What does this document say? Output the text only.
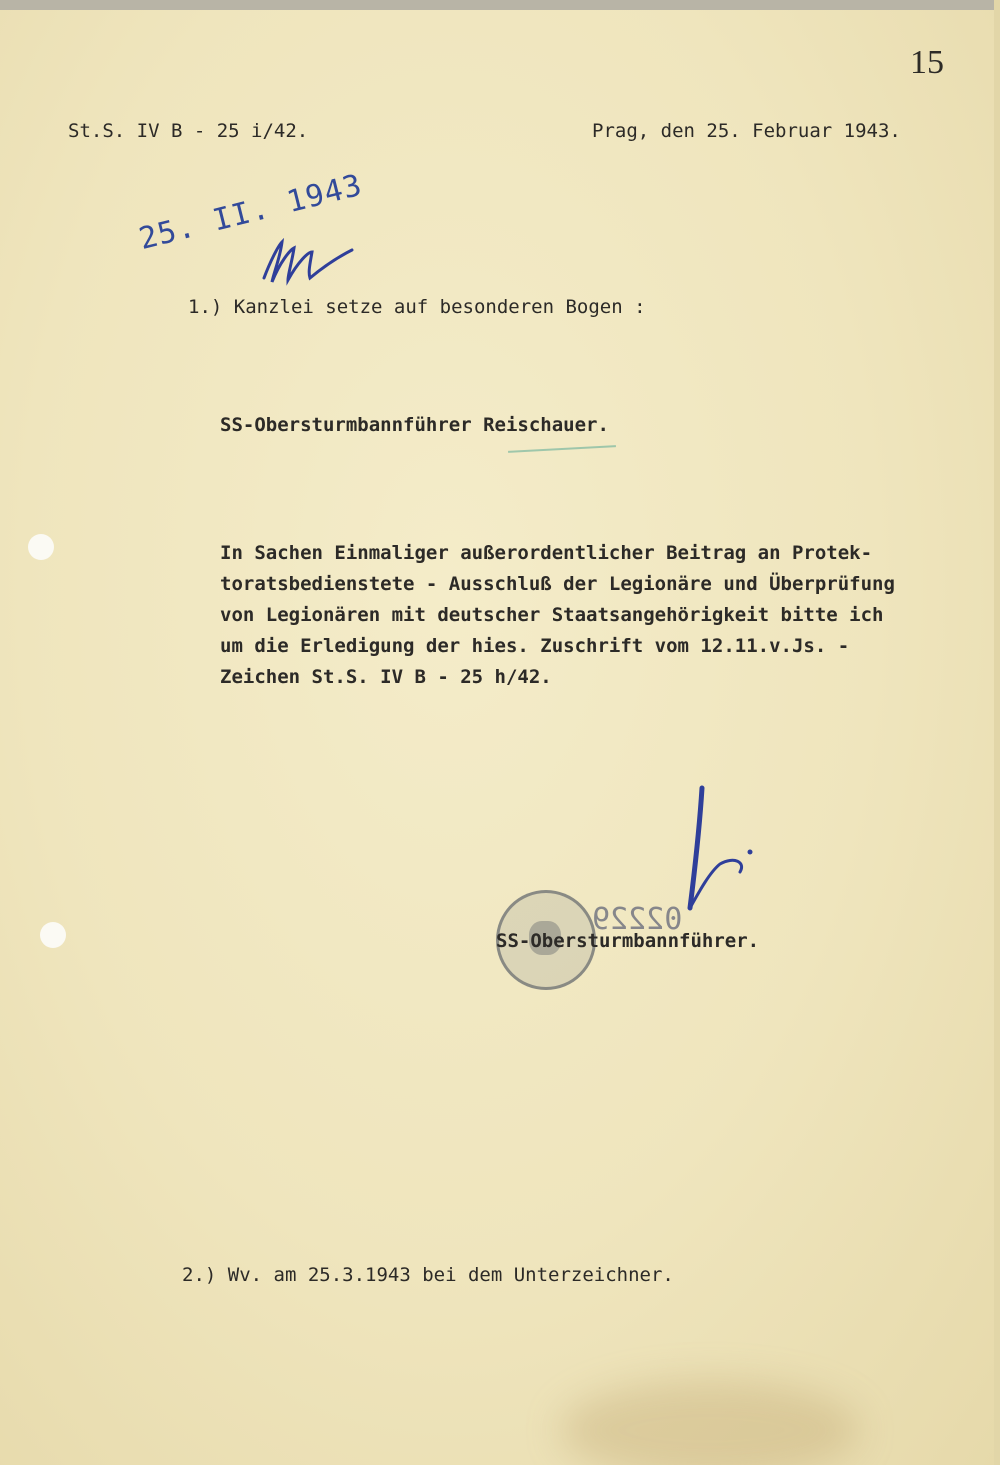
15
St.S. IV B - 25 i/42.	Prag, den 25. Februar 1943.
25. II. 1943
1.) Kanzlei setze auf besonderen Bogen :
SS-Obersturmbannführer Reischauer.

In Sachen Einmaliger außerordentlicher Beitrag an Protek-
toratsbedienstete - Ausschluß der Legionäre und Überprüfung
von Legionären mit deutscher Staatsangehörigkeit bitte ich
um die Erledigung der hies. Zuschrift vom 12.11.v.Js. -
Zeichen St.S. IV B - 25 h/42.

02229
SS-Obersturmbannführer.
2.) Wv. am 25.3.1943 bei dem Unterzeichner.
